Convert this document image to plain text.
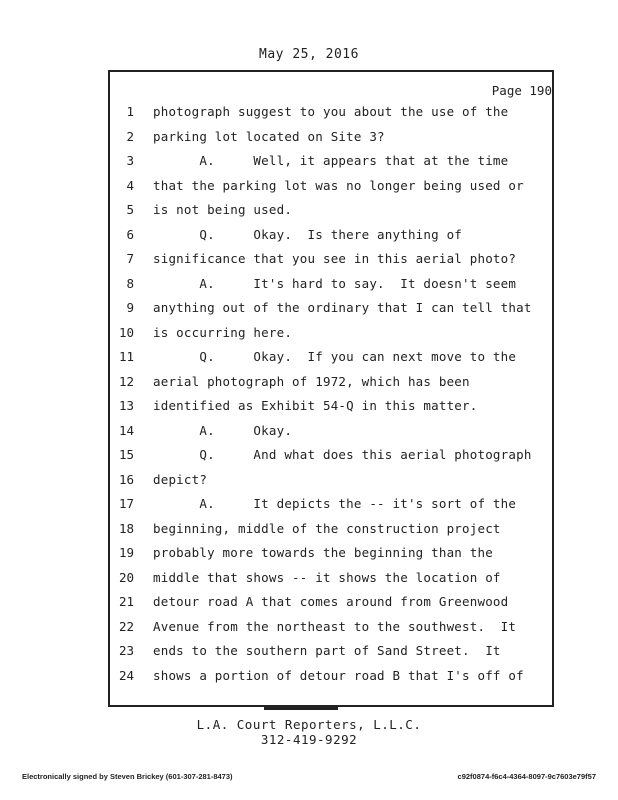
May 25, 2016
Page 190
1 photograph suggest to you about the use of the
2 parking lot located on Site 3?
3 A.     Well, it appears that at the time
4 that the parking lot was no longer being used or
5 is not being used.
6 Q.     Okay.  Is there anything of
7 significance that you see in this aerial photo?
8 A.     It's hard to say.  It doesn't seem
9 anything out of the ordinary that I can tell that
10 is occurring here.
11 Q.     Okay.  If you can next move to the
12 aerial photograph of 1972, which has been
13 identified as Exhibit 54-Q in this matter.
14 A.     Okay.
15 Q.     And what does this aerial photograph
16 depict?
17 A.     It depicts the -- it's sort of the
18 beginning, middle of the construction project
19 probably more towards the beginning than the
20 middle that shows -- it shows the location of
21 detour road A that comes around from Greenwood
22 Avenue from the northeast to the southwest.  It
23 ends to the southern part of Sand Street.  It
24 shows a portion of detour road B that I's off of
L.A. Court Reporters, L.L.C.
312-419-9292
Electronically signed by Steven Brickey (601-307-281-8473)	c92f0874-f6c4-4364-8097-9c7603e79f57
